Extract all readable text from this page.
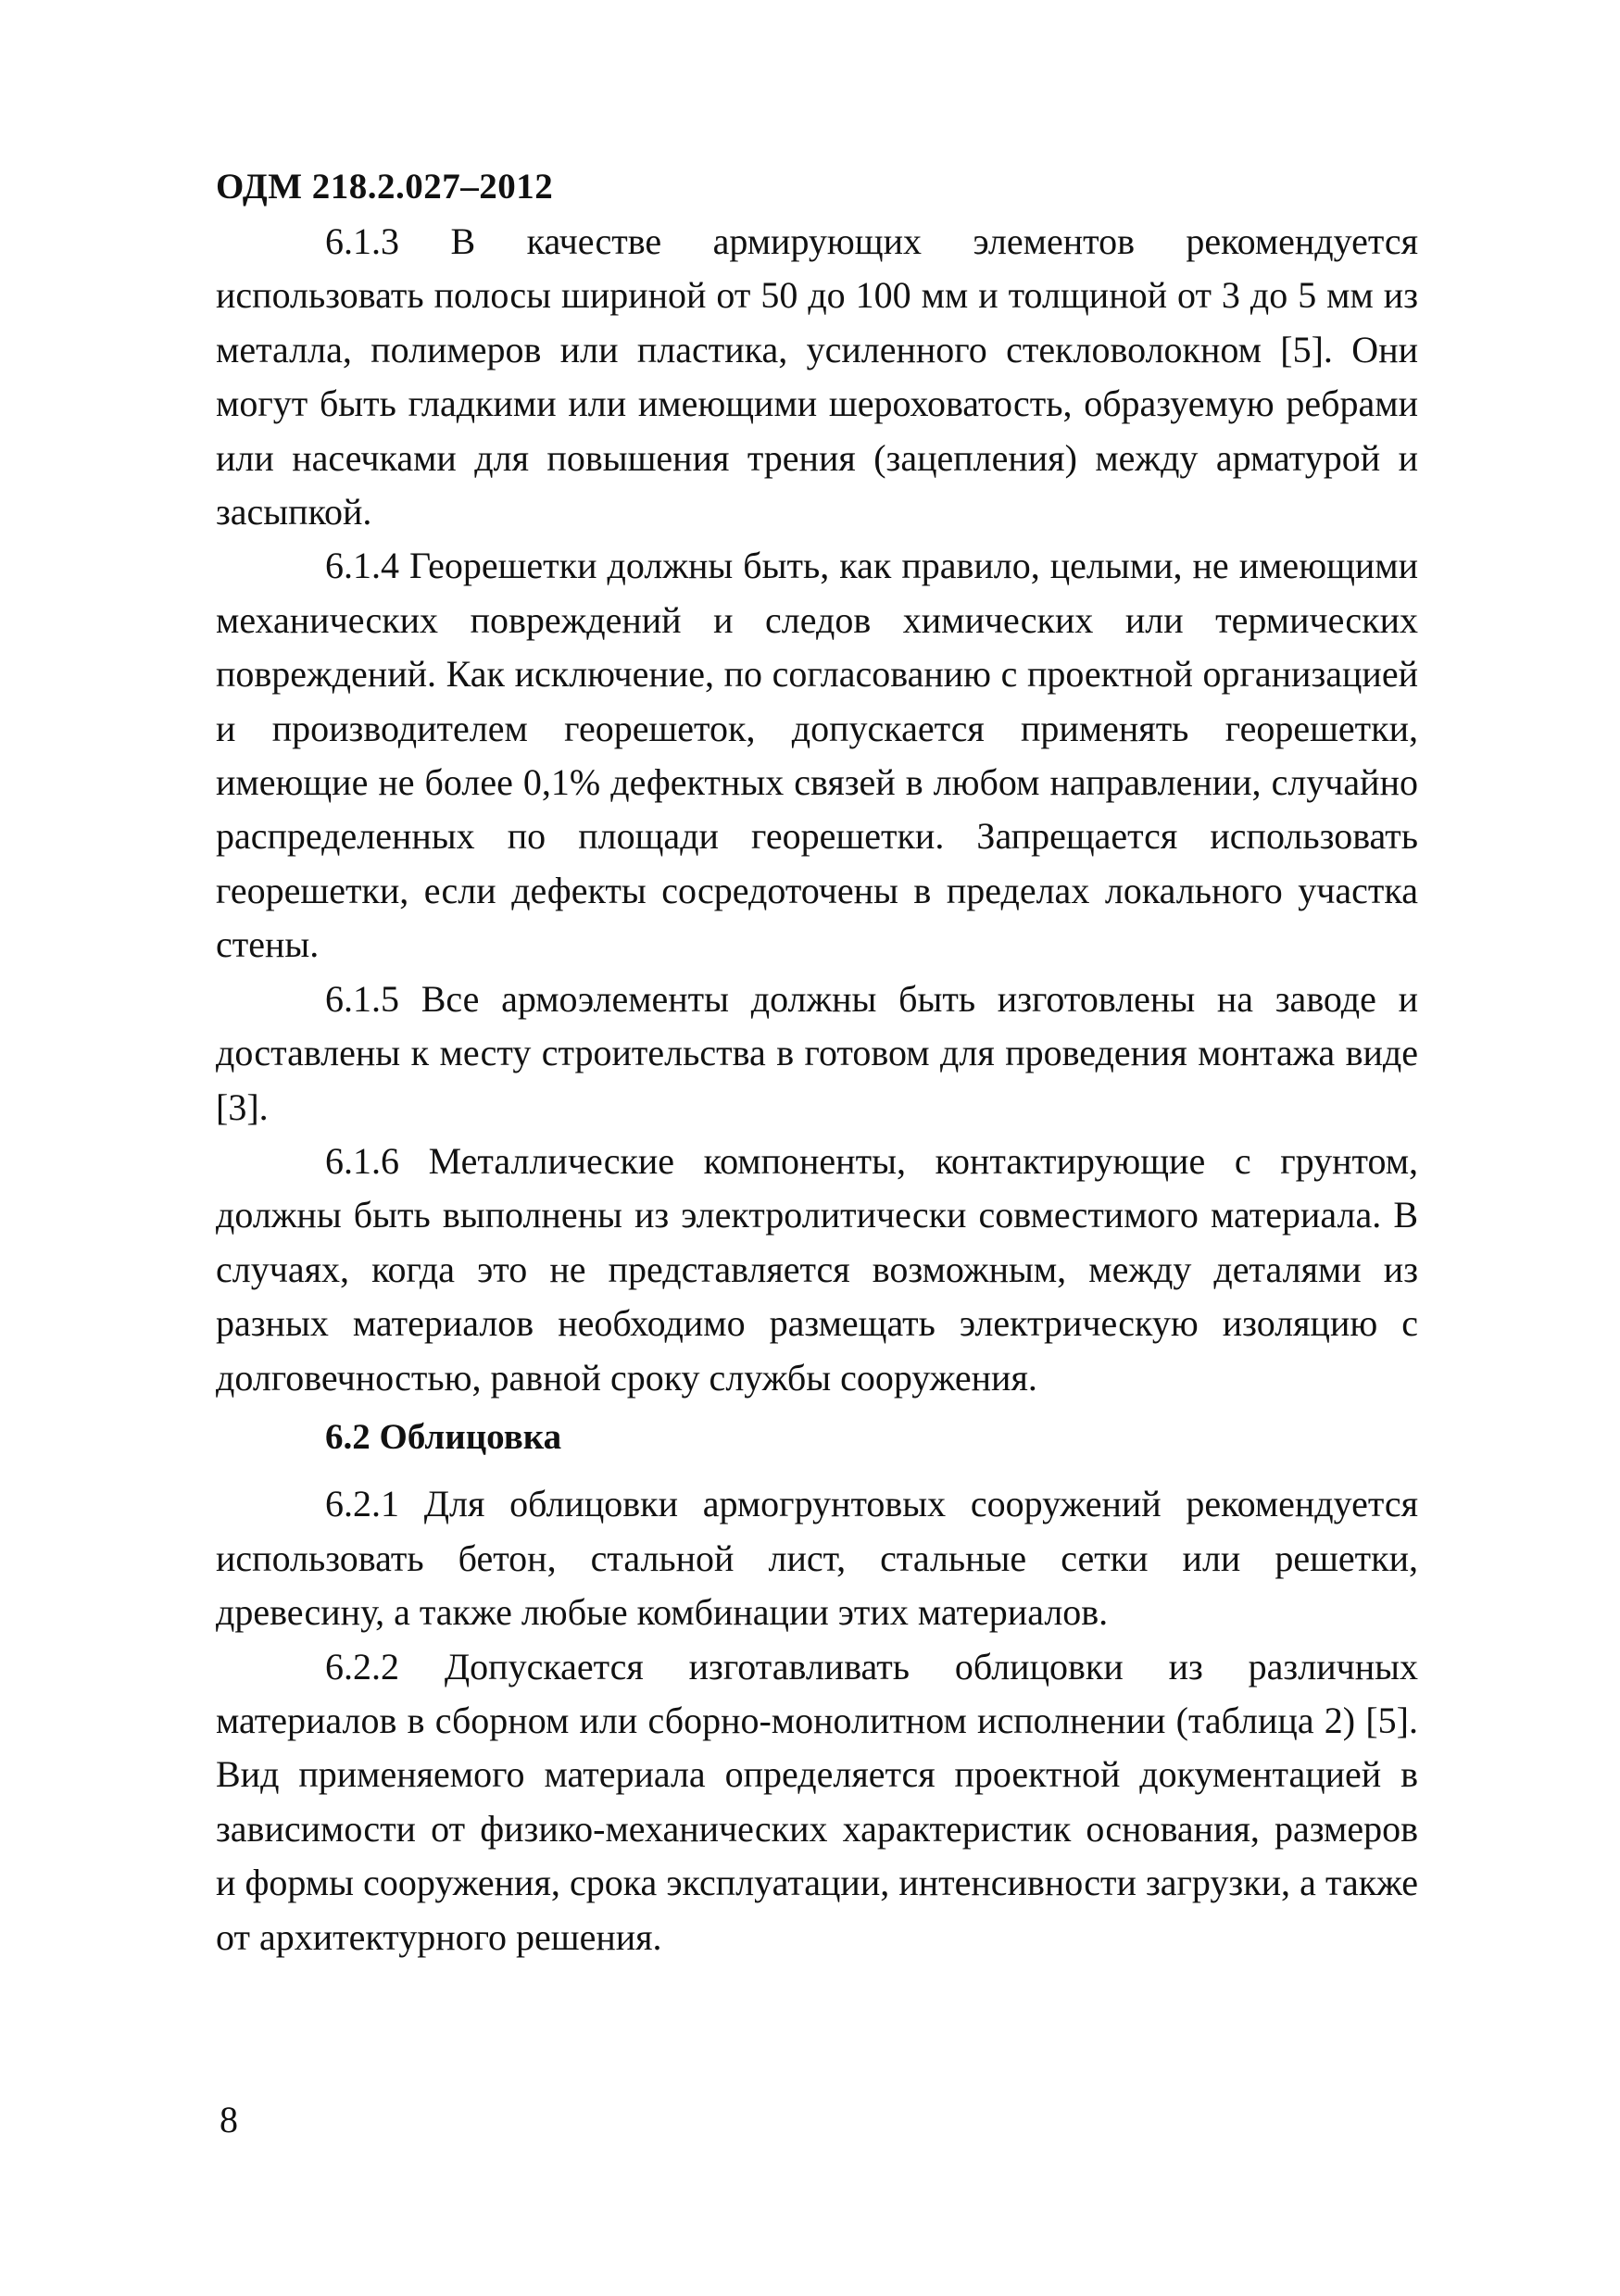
ОДМ 218.2.027–2012

6.1.3 В качестве армирующих элементов рекомендуется использовать полосы шириной от 50 до 100 мм и толщиной от 3 до 5 мм из металла, полимеров или пластика, усиленного стекловолокном [5]. Они могут быть гладкими или имеющими шероховатость, образуемую ребрами или насечками для повышения трения (зацепления) между арматурой и засыпкой.

6.1.4 Георешетки должны быть, как правило, целыми, не имеющими механических повреждений и следов химических или термических повреждений. Как исключение, по согласованию с проектной организацией и производителем георешеток, допускается применять георешетки, имеющие не более 0,1% дефектных связей в любом направлении, случайно распределенных по площади георешетки. Запрещается использовать георешетки, если дефекты сосредоточены в пределах локального участка стены.

6.1.5 Все армоэлементы должны быть изготовлены на заводе и доставлены к месту строительства в готовом для проведения монтажа виде [3].

6.1.6 Металлические компоненты, контактирующие с грунтом, должны быть выполнены из электролитически совместимого материала. В случаях, когда это не представляется возможным, между деталями из разных материалов необходимо размещать электрическую изоляцию с долговечностью, равной сроку службы сооружения.

6.2 Облицовка

6.2.1 Для облицовки армогрунтовых сооружений рекомендуется использовать бетон, стальной лист, стальные сетки или решетки, древесину, а также любые комбинации этих материалов.

6.2.2 Допускается изготавливать облицовки из различных материалов в сборном или сборно-монолитном исполнении (таблица 2) [5]. Вид применяемого материала определяется проектной документацией в зависимости от физико-механических характеристик основания, размеров и формы сооружения, срока эксплуатации, интенсивности загрузки, а также от архитектурного решения.

8
